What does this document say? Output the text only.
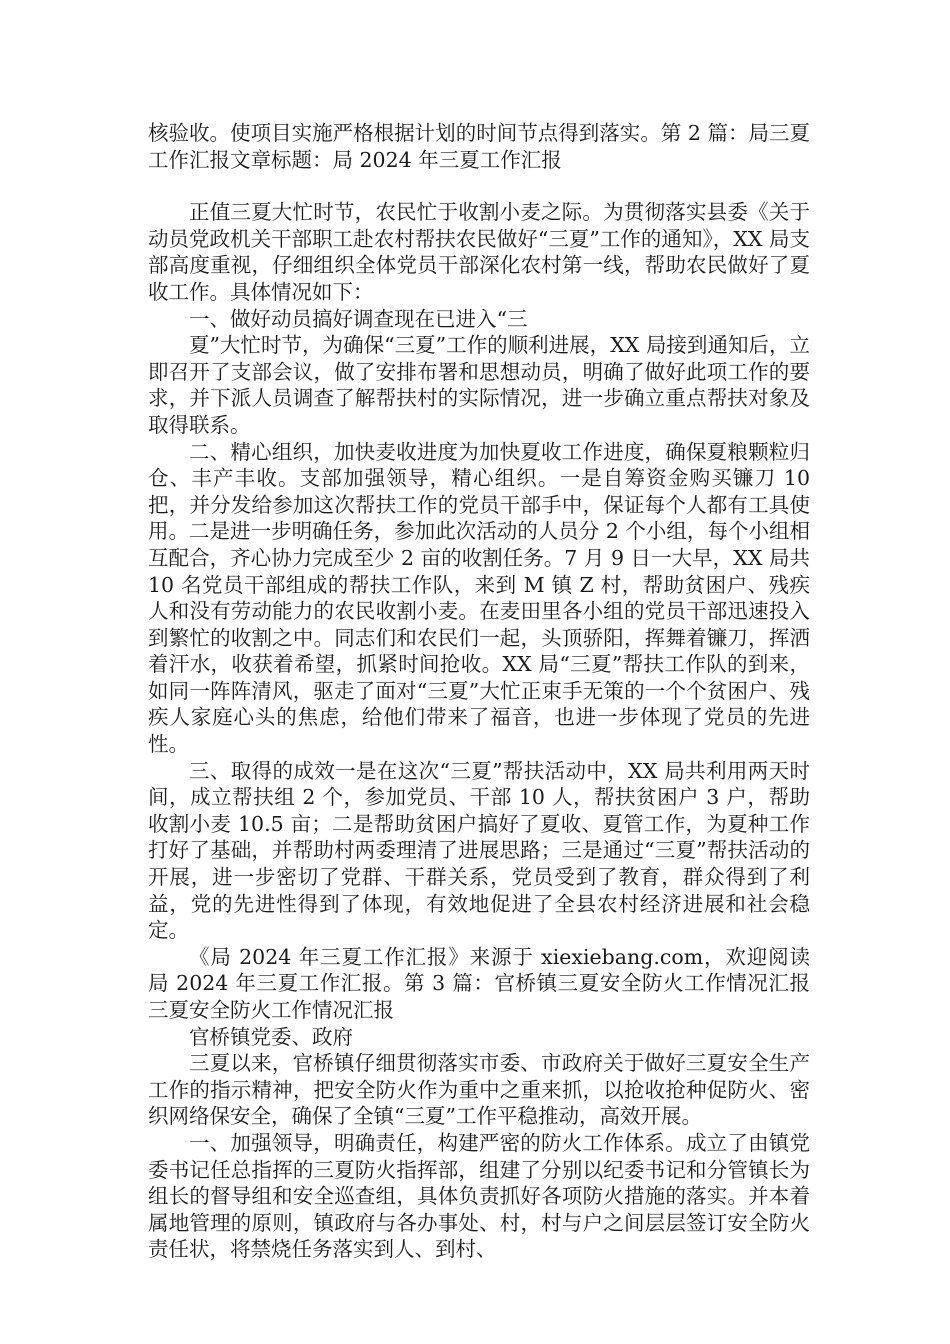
核验收。使项目实施严格根据计划的时间节点得到落实。第 2 篇：局三夏工作汇报文章标题：局 2024 年三夏工作汇报

正值三夏大忙时节，农民忙于收割小麦之际。为贯彻落实县委《关于动员党政机关干部职工赴农村帮扶农民做好“三夏”工作的通知》，XX 局支部高度重视，仔细组织全体党员干部深化农村第一线，帮助农民做好了夏收工作。具体情况如下：

一、做好动员搞好调查现在已进入“三

夏”大忙时节，为确保“三夏”工作的顺利进展，XX 局接到通知后，立即召开了支部会议，做了安排布署和思想动员，明确了做好此项工作的要求，并下派人员调查了解帮扶村的实际情况，进一步确立重点帮扶对象及取得联系。

二、精心组织，加快麦收进度为加快夏收工作进度，确保夏粮颗粒归仓、丰产丰收。支部加强领导，精心组织。一是自筹资金购买镰刀 10 把，并分发给参加这次帮扶工作的党员干部手中，保证每个人都有工具使用。二是进一步明确任务，参加此次活动的人员分 2 个小组，每个小组相互配合，齐心协力完成至少 2 亩的收割任务。7 月 9 日一大早，XX 局共 10 名党员干部组成的帮扶工作队，来到 M 镇 Z 村，帮助贫困户、残疾人和没有劳动能力的农民收割小麦。在麦田里各小组的党员干部迅速投入到繁忙的收割之中。同志们和农民们一起，头顶骄阳，挥舞着镰刀，挥洒着汗水，收获着希望，抓紧时间抢收。XX 局“三夏”帮扶工作队的到来，如同一阵阵清风，驱走了面对“三夏”大忙正束手无策的一个个贫困户、残疾人家庭心头的焦虑，给他们带来了福音，也进一步体现了党员的先进性。

三、取得的成效一是在这次“三夏”帮扶活动中，XX 局共利用两天时间，成立帮扶组 2 个，参加党员、干部 10 人，帮扶贫困户 3 户，帮助收割小麦 10.5 亩；二是帮助贫困户搞好了夏收、夏管工作，为夏种工作打好了基础，并帮助村两委理清了进展思路；三是通过“三夏”帮扶活动的开展，进一步密切了党群、干群关系，党员受到了教育，群众得到了利益，党的先进性得到了体现，有效地促进了全县农村经济进展和社会稳定。

《局 2024 年三夏工作汇报》来源于 xiexiebang.com，欢迎阅读局 2024 年三夏工作汇报。第 3 篇：官桥镇三夏安全防火工作情况汇报三夏安全防火工作情况汇报

官桥镇党委、政府

三夏以来，官桥镇仔细贯彻落实市委、市政府关于做好三夏安全生产工作的指示精神，把安全防火作为重中之重来抓，以抢收抢种促防火、密织网络保安全，确保了全镇“三夏”工作平稳推动，高效开展。

一、加强领导，明确责任，构建严密的防火工作体系。成立了由镇党委书记任总指挥的三夏防火指挥部，组建了分别以纪委书记和分管镇长为组长的督导组和安全巡查组，具体负责抓好各项防火措施的落实。并本着属地管理的原则，镇政府与各办事处、村，村与户之间层层签订安全防火责任状，将禁烧任务落实到人、到村、
